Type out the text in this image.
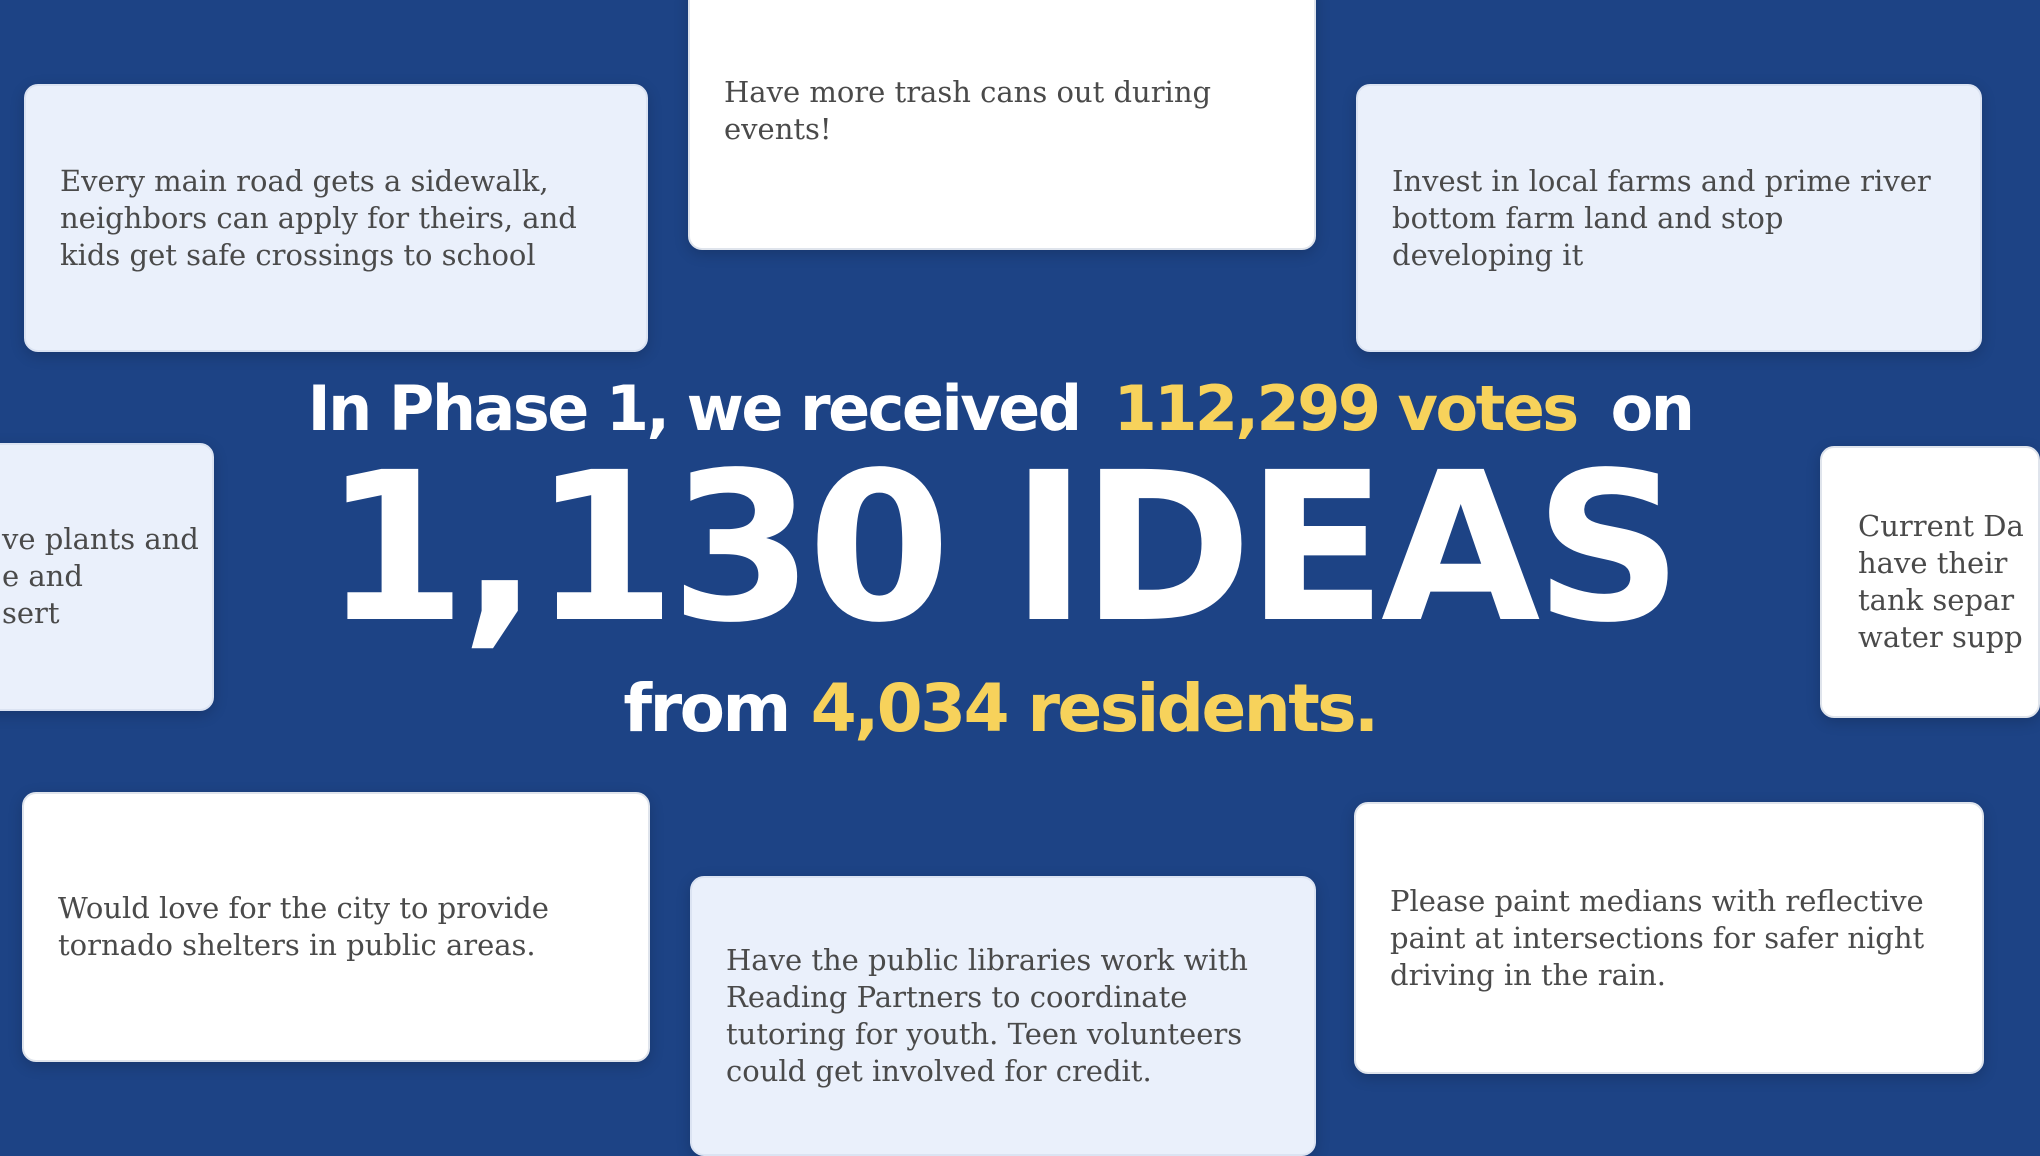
Every main road gets a sidewalk, neighbors can apply for theirs, and kids get safe crossings to school
Have more trash cans out during events!
Invest in local farms and prime river bottom farm land and stop developing it
ve plants and
e and
sert
Current Da
have their
tank separ
water supp
Would love for the city to provide tornado shelters in public areas.	Have the public libraries work with Reading Partners to coordinate tutoring for youth. Teen volunteers could get involved for credit.
Please paint medians with reflective paint at intersections for safer night driving in the rain.
In Phase 1, we received 112,299 votes on
1,130 IDEAS
from 4,034 residents.
